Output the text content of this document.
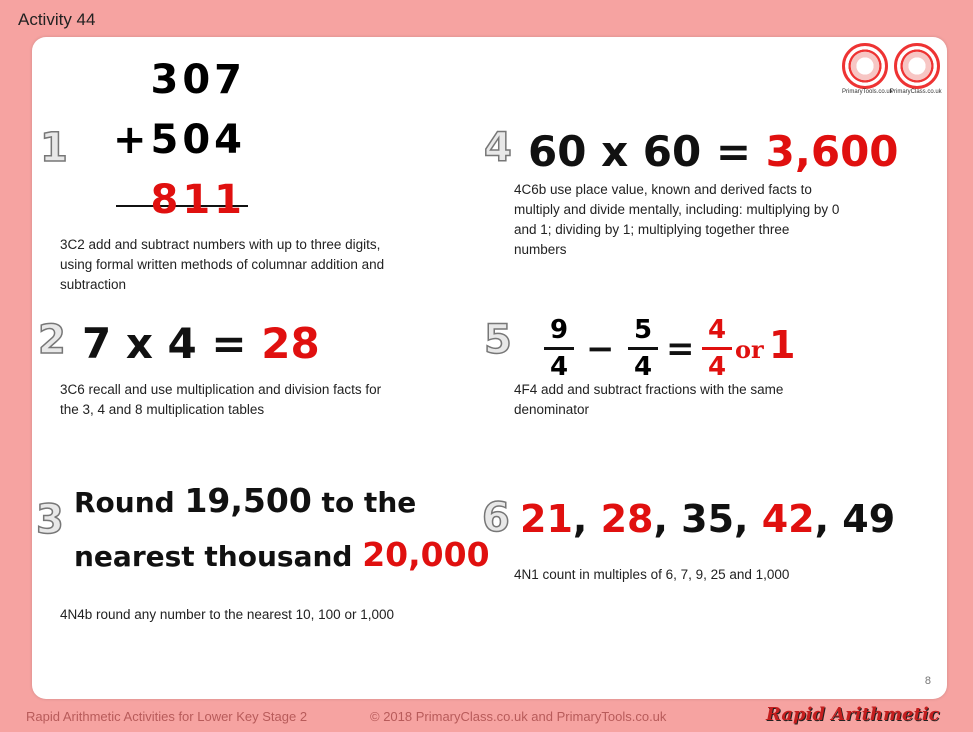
Activity 44
PrimaryTools.co.uk
PrimaryClass.co.uk
1
307
+504
811
3C2 add and subtract numbers with up to three digits,
using formal written methods of columnar addition and
subtraction
2 7 x 4 = 28
3C6 recall and use multiplication and division facts for
the 3, 4 and 8 multiplication tables
3 Round 19,500 to the
nearest thousand 20,000
4N4b round any number to the nearest 10, 100 or 1,000
4 60 x 60 = 3,600
4C6b use place value, known and derived facts to
multiply and divide mentally, including: multiplying by 0
and 1; dividing by 1; multiplying together three
numbers
5 9
4 − 5
4 = 4
4
or 1
4F4 add and subtract fractions with the same
denominator
6 21, 28, 35, 42, 49
4N1 count in multiples of 6, 7, 9, 25 and 1,000
8
Rapid Arithmetic Activities for Lower Key Stage 2	© 2018 PrimaryClass.co.uk and PrimaryTools.co.uk	Rapid Arithmetic
